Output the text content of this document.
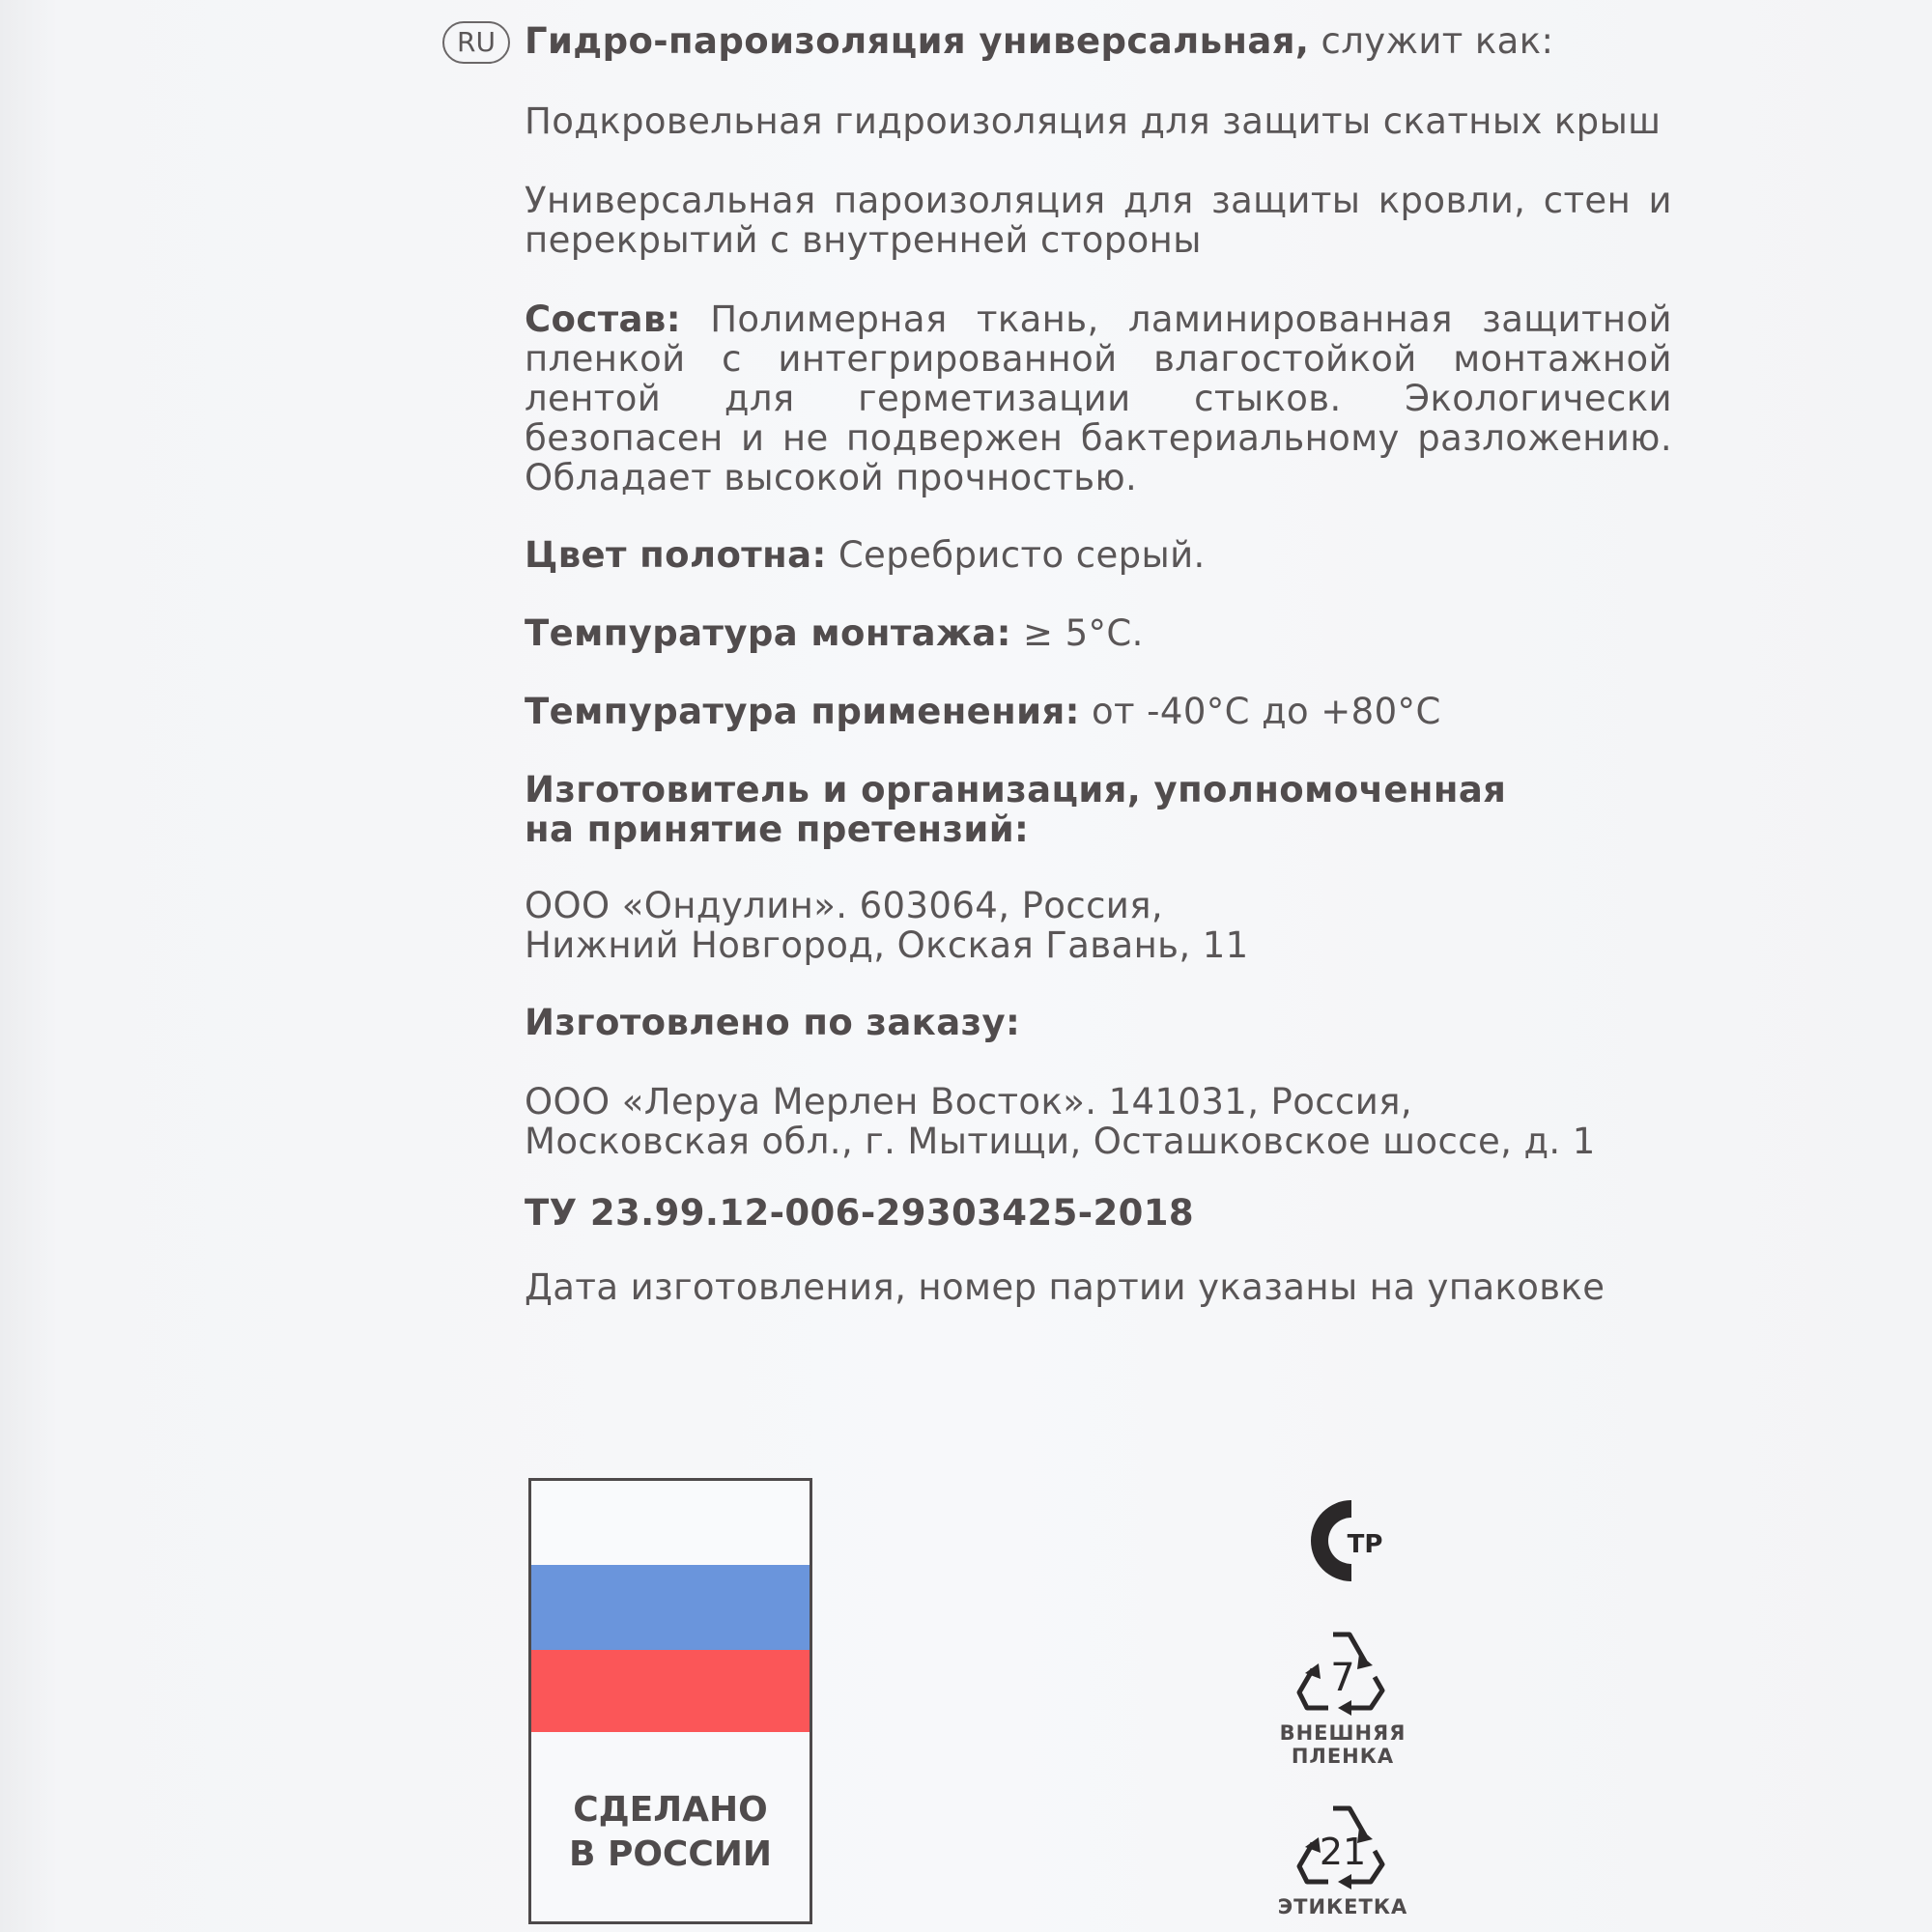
RU Гидро-пароизоляция универсальная, служит как:
Подкровельная гидроизоляция для защиты скатных крыш
Универсальная пароизоляция для защиты кровли, стен и перекрытий с внутренней стороны
Состав: Полимерная ткань, ламинированная защитной пленкой с интегрированной влагостойкой монтажной лентой для герметизации стыков. Экологически безопасен и не подвержен бактериальному разложению. Обладает высокой прочностью.
Цвет полотна: Серебристо серый.
Темпуратура монтажа: ≥ 5°С.
Темпуратура применения: от -40°С до +80°С
Изготовитель и организация, уполномоченная
на принятие претензий:
ООО «Ондулин». 603064, Россия,
Нижний Новгород, Окская Гавань, 11
Изготовлено по заказу:
ООО «Леруа Мерлен Восток». 141031, Россия,
Московская обл., г. Мытищи, Осташковское шоссе, д. 1
ТУ 23.99.12-006-29303425-2018
Дата изготовления, номер партии указаны на упаковке
СДЕЛАНО
В РОССИИ
ТР
7
ВНЕШНЯЯ
ПЛЕНКА
21
ЭТИКЕТКА
